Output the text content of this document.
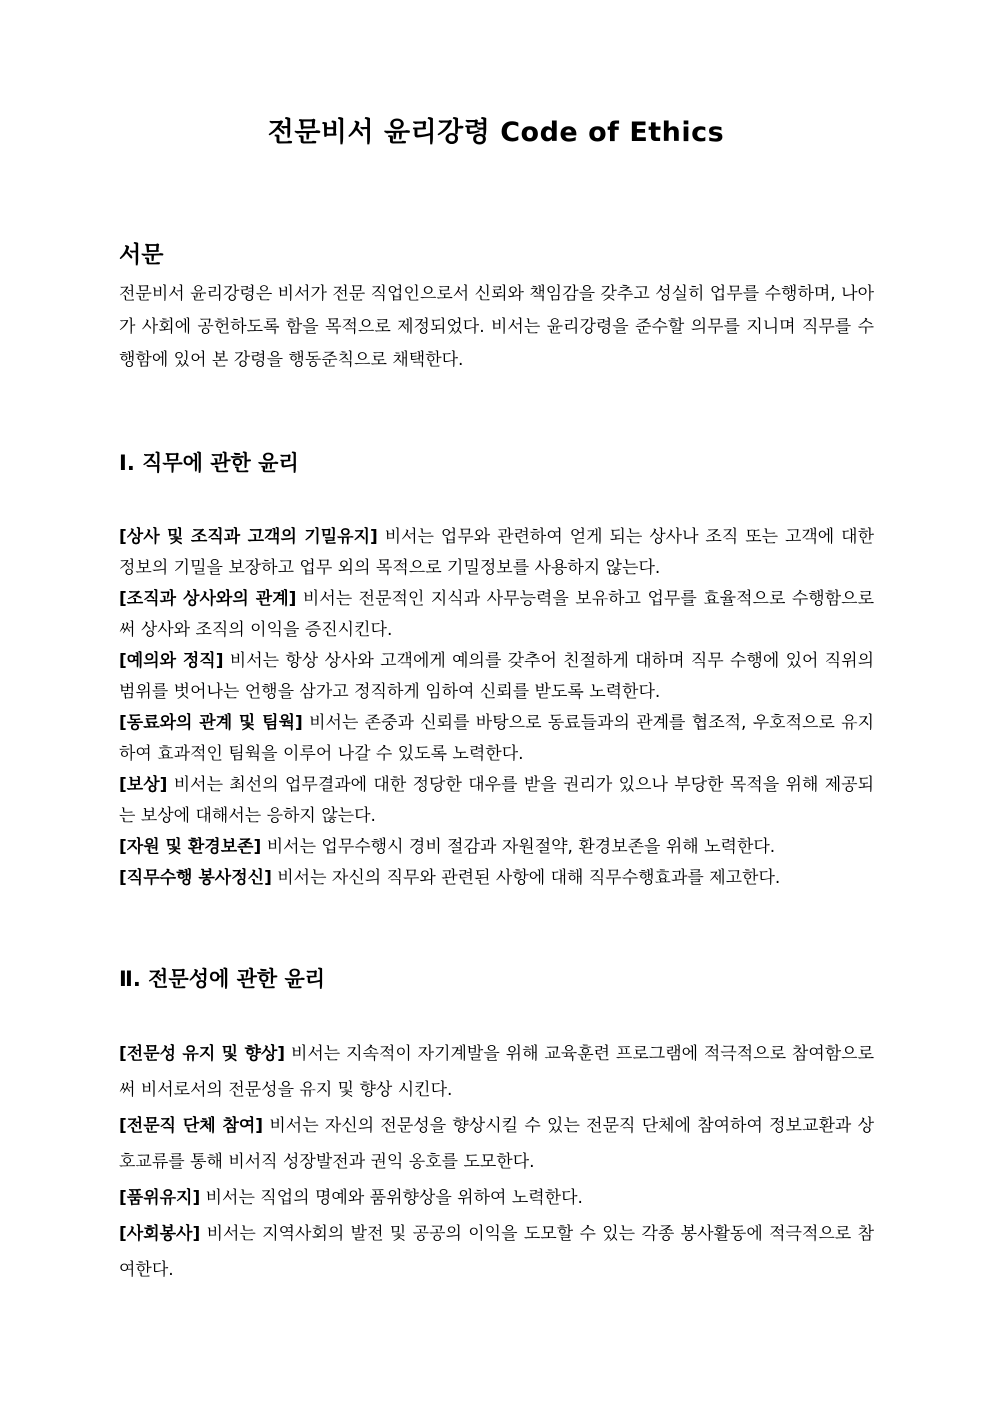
전문비서 윤리강령 Code of Ethics
서문

전문비서 윤리강령은 비서가 전문 직업인으로서 신뢰와 책임감을 갖추고 성실히 업무를 수행하며, 나아가 사회에 공헌하도록 함을 목적으로 제정되었다. 비서는 윤리강령을 준수할 의무를 지니며 직무를 수행함에 있어 본 강령을 행동준칙으로 채택한다.

Ⅰ. 직무에 관한 윤리
[상사 및 조직과 고객의 기밀유지] 비서는 업무와 관련하여 얻게 되는 상사나 조직 또는 고객에 대한 정보의 기밀을 보장하고 업무 외의 목적으로 기밀정보를 사용하지 않는다.
[조직과 상사와의 관계] 비서는 전문적인 지식과 사무능력을 보유하고 업무를 효율적으로 수행함으로써 상사와 조직의 이익을 증진시킨다.
[예의와 정직] 비서는 항상 상사와 고객에게 예의를 갖추어 친절하게 대하며 직무 수행에 있어 직위의 범위를 벗어나는 언행을 삼가고 정직하게 임하여 신뢰를 받도록 노력한다.
[동료와의 관계 및 팀웍] 비서는 존중과 신뢰를 바탕으로 동료들과의 관계를 협조적, 우호적으로 유지하여 효과적인 팀웍을 이루어 나갈 수 있도록 노력한다.
[보상] 비서는 최선의 업무결과에 대한 정당한 대우를 받을 권리가 있으나 부당한 목적을 위해 제공되는 보상에 대해서는 응하지 않는다.
[자원 및 환경보존] 비서는 업무수행시 경비 절감과 자원절약, 환경보존을 위해 노력한다.
[직무수행 봉사정신] 비서는 자신의 직무와 관련된 사항에 대해 직무수행효과를 제고한다.
Ⅱ. 전문성에 관한 윤리
[전문성 유지 및 향상] 비서는 지속적이 자기계발을 위해 교육훈련 프로그램에 적극적으로 참여함으로써 비서로서의 전문성을 유지 및 향상 시킨다.
[전문직 단체 참여] 비서는 자신의 전문성을 향상시킬 수 있는 전문직 단체에 참여하여 정보교환과 상호교류를 통해 비서직 성장발전과 권익 옹호를 도모한다.
[품위유지] 비서는 직업의 명예와 품위향상을 위하여 노력한다.
[사회봉사] 비서는 지역사회의 발전 및 공공의 이익을 도모할 수 있는 각종 봉사활동에 적극적으로 참여한다.
